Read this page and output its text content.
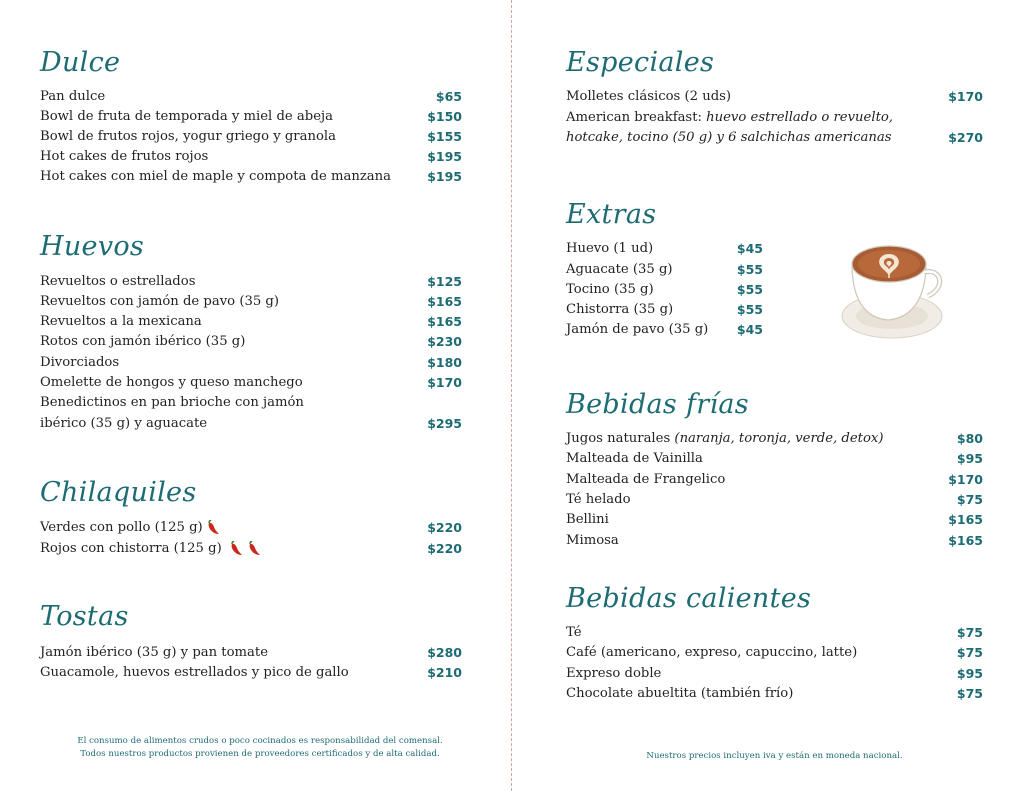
Dulce
Pan dulce	$65
Bowl de fruta de temporada y miel de abeja	$150
Bowl de frutos rojos, yogur griego y granola	$155
Hot cakes de frutos rojos	$195
Hot cakes con miel de maple y compota de manzana	$195
Huevos
Revueltos o estrellados	$125
Revueltos con jamón de pavo (35 g)	$165
Revueltos a la mexicana	$165
Rotos con jamón ibérico (35 g)	$230
Divorciados	$180
Omelette de hongos y queso manchego	$170
Benedictinos en pan brioche con jamón
ibérico (35 g) y aguacate	$295
Chilaquiles
Verdes con pollo (125 g)	$220
Rojos con chistorra (125 g)	$220
Tostas
Jamón ibérico (35 g) y pan tomate	$280
Guacamole, huevos estrellados y pico de gallo	$210
El consumo de alimentos crudos o poco cocinados es responsabilidad del comensal.
Todos nuestros productos provienen de proveedores certificados y de alta calidad.
Especiales
Molletes clásicos (2 uds)	$170
American breakfast: huevo estrellado o revuelto,
hotcake, tocino (50 g) y 6 salchichas americanas	$270
Extras
Huevo (1 ud)	$45
Aguacate (35 g)	$55
Tocino (35 g)	$55
Chistorra (35 g)	$55
Jamón de pavo (35 g) $45
Bebidas frías
Jugos naturales (naranja, toronja, verde, detox)	$80
Malteada de Vainilla	$95
Malteada de Frangelico	$170
Té helado	$75
Bellini	$165
Mimosa	$165
Bebidas calientes
Té	$75
Café (americano, expreso, capuccino, latte)	$75
Expreso doble	$95
Chocolate abueltita (también frío)	$75
Nuestros precios incluyen iva y están en moneda nacional.
